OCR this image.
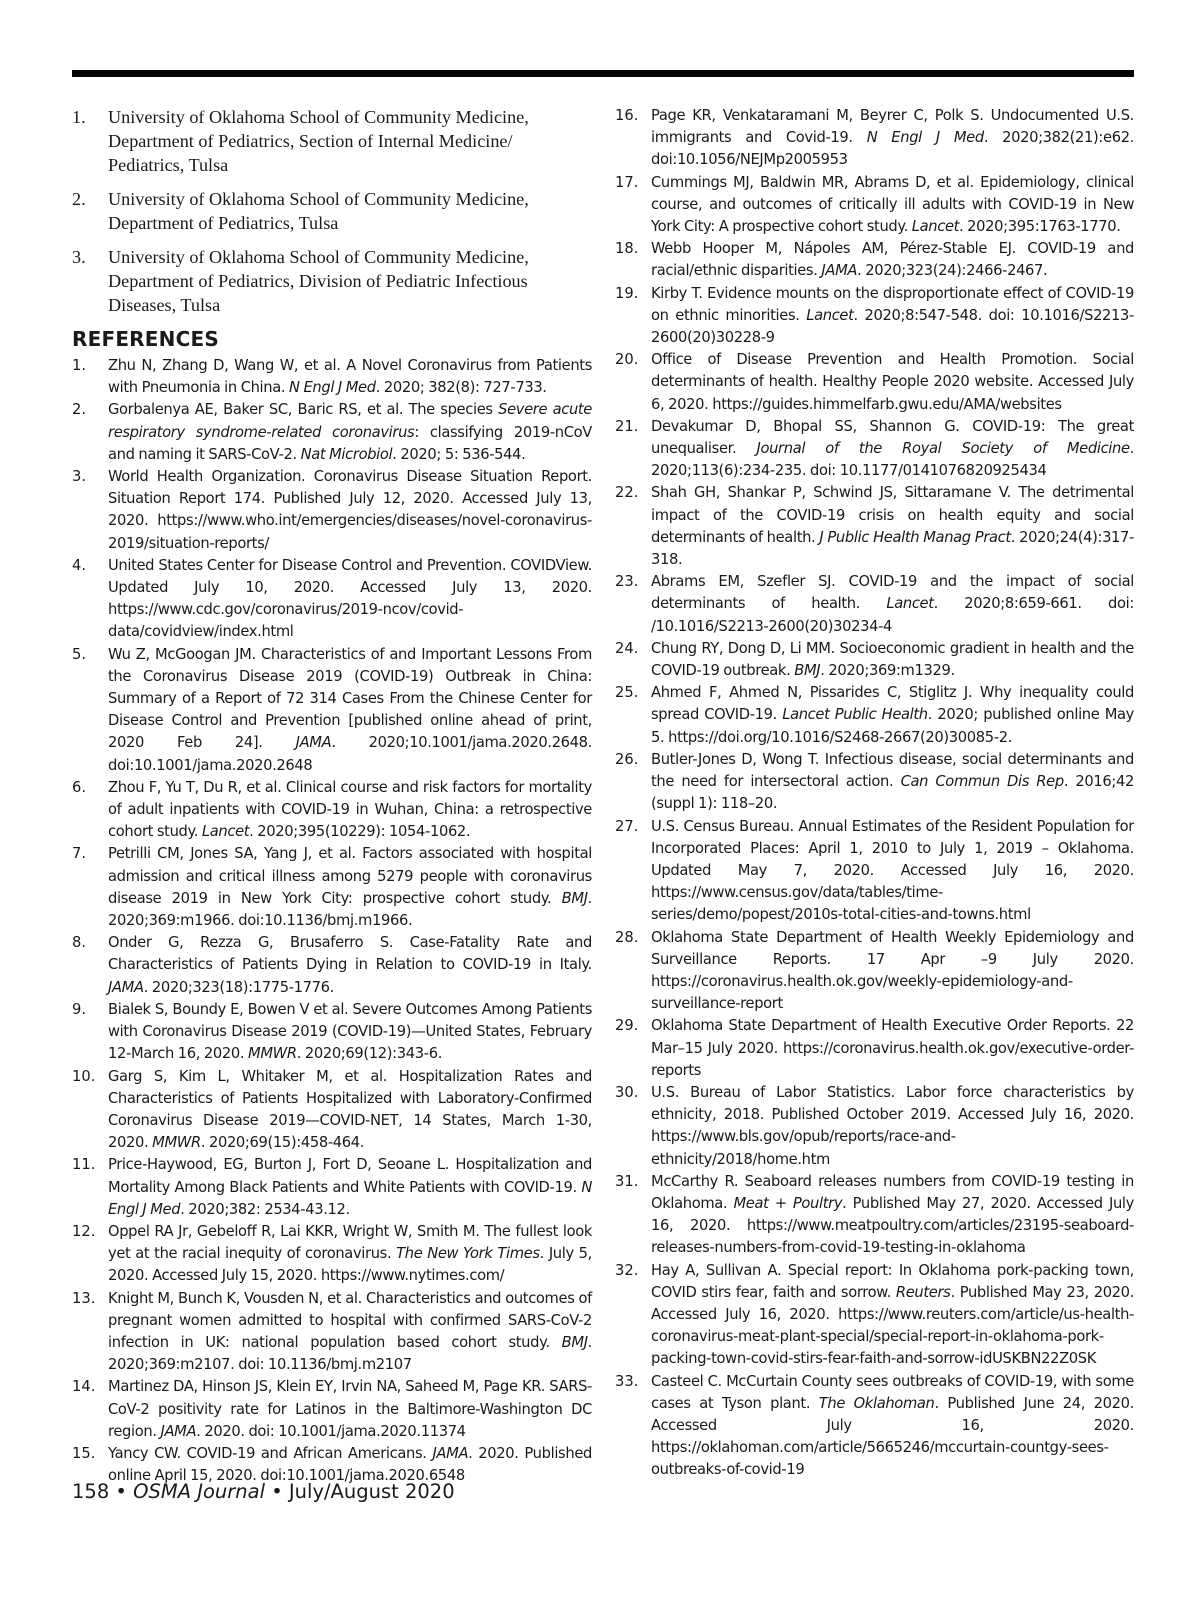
1.	University of Oklahoma School of Community Medicine, Department of Pediatrics, Section of Internal Medicine/ Pediatrics, Tulsa
2.	University of Oklahoma School of Community Medicine, Department of Pediatrics, Tulsa
3.	University of Oklahoma School of Community Medicine, Department of Pediatrics, Division of Pediatric Infectious Diseases, Tulsa
REFERENCES
1.	Zhu N, Zhang D, Wang W, et al. A Novel Coronavirus from Patients with Pneumonia in China. N Engl J Med. 2020; 382(8): 727-733.
2.	Gorbalenya AE, Baker SC, Baric RS, et al. The species Severe acute respiratory syndrome-related coronavirus: classifying 2019-nCoV and naming it SARS-CoV-2. Nat Microbiol. 2020; 5: 536-544.
3.	World Health Organization. Coronavirus Disease Situation Report. Situation Report 174. Published July 12, 2020. Accessed July 13, 2020. https://www.who.int/emergencies/diseases/novel-coronavirus-2019/situation-reports/
4.	United States Center for Disease Control and Prevention. COVIDView. Updated July 10, 2020. Accessed July 13, 2020. https://www.cdc.gov/coronavirus/2019-ncov/covid-data/covidview/index.html
5.	Wu Z, McGoogan JM. Characteristics of and Important Lessons From the Coronavirus Disease 2019 (COVID-19) Outbreak in China: Summary of a Report of 72 314 Cases From the Chinese Center for Disease Control and Prevention [published online ahead of print, 2020 Feb 24]. JAMA. 2020;10.1001/jama.2020.2648. doi:10.1001/jama.2020.2648
6.	Zhou F, Yu T, Du R, et al. Clinical course and risk factors for mortality of adult inpatients with COVID-19 in Wuhan, China: a retrospective cohort study. Lancet. 2020;395(10229): 1054-1062.
7.	Petrilli CM, Jones SA, Yang J, et al. Factors associated with hospital admission and critical illness among 5279 people with coronavirus disease 2019 in New York City: prospective cohort study. BMJ. 2020;369:m1966. doi:10.1136/bmj.m1966.
8.	Onder G, Rezza G, Brusaferro S. Case-Fatality Rate and Characteristics of Patients Dying in Relation to COVID-19 in Italy. JAMA. 2020;323(18):1775-1776.
9.	Bialek S, Boundy E, Bowen V et al. Severe Outcomes Among Patients with Coronavirus Disease 2019 (COVID-19)—United States, February 12-March 16, 2020. MMWR. 2020;69(12):343-6.
10. Garg S, Kim L, Whitaker M, et al. Hospitalization Rates and Characteristics of Patients Hospitalized with Laboratory-Confirmed Coronavirus Disease 2019—COVID-NET, 14 States, March 1-30, 2020. MMWR. 2020;69(15):458-464.
11. Price-Haywood, EG, Burton J, Fort D, Seoane L. Hospitalization and Mortality Among Black Patients and White Patients with COVID-19. N Engl J Med. 2020;382: 2534-43.12.
12. Oppel RA Jr, Gebeloff R, Lai KKR, Wright W, Smith M. The fullest look yet at the racial inequity of coronavirus. The New York Times. July 5, 2020. Accessed July 15, 2020. https://www.nytimes.com/
13. Knight M, Bunch K, Vousden N, et al. Characteristics and outcomes of pregnant women admitted to hospital with confirmed SARS-CoV-2 infection in UK: national population based cohort study. BMJ. 2020;369:m2107. doi: 10.1136/bmj.m2107
14. Martinez DA, Hinson JS, Klein EY, Irvin NA, Saheed M, Page KR. SARS-CoV-2 positivity rate for Latinos in the Baltimore-Washington DC region. JAMA. 2020. doi: 10.1001/jama.2020.11374
15. Yancy CW. COVID-19 and African Americans. JAMA. 2020. Published online April 15, 2020. doi:10.1001/jama.2020.6548
16. Page KR, Venkataramani M, Beyrer C, Polk S. Undocumented U.S. immigrants and Covid-19. N Engl J Med. 2020;382(21):e62. doi:10.1056/NEJMp2005953
17. Cummings MJ, Baldwin MR, Abrams D, et al. Epidemiology, clinical course, and outcomes of critically ill adults with COVID-19 in New York City: A prospective cohort study. Lancet. 2020;395:1763-1770.
18. Webb Hooper M, Nápoles AM, Pérez-Stable EJ. COVID-19 and racial/ethnic disparities. JAMA. 2020;323(24):2466-2467.
19. Kirby T. Evidence mounts on the disproportionate effect of COVID-19 on ethnic minorities. Lancet. 2020;8:547-548. doi: 10.1016/S2213-2600(20)30228-9
20. Office of Disease Prevention and Health Promotion. Social determinants of health. Healthy People 2020 website. Accessed July 6, 2020. https://guides.himmelfarb.gwu.edu/AMA/websites
21. Devakumar D, Bhopal SS, Shannon G. COVID-19: The great unequaliser. Journal of the Royal Society of Medicine. 2020;113(6):234-235. doi: 10.1177/0141076820925434
22. Shah GH, Shankar P, Schwind JS, Sittaramane V. The detrimental impact of the COVID-19 crisis on health equity and social determinants of health. J Public Health Manag Pract. 2020;24(4):317-318.
23. Abrams EM, Szefler SJ. COVID-19 and the impact of social determinants of health. Lancet. 2020;8:659-661. doi: /10.1016/S2213-2600(20)30234-4
24. Chung RY, Dong D, Li MM. Socioeconomic gradient in health and the COVID-19 outbreak. BMJ. 2020;369:m1329.
25. Ahmed F, Ahmed N, Pissarides C, Stiglitz J. Why inequality could spread COVID-19. Lancet Public Health. 2020; published online May 5. https://doi.org/10.1016/S2468-2667(20)30085-2.
26. Butler-Jones D, Wong T. Infectious disease, social determinants and the need for intersectoral action. Can Commun Dis Rep. 2016;42 (suppl 1): 118–20.
27. U.S. Census Bureau. Annual Estimates of the Resident Population for Incorporated Places: April 1, 2010 to July 1, 2019 – Oklahoma. Updated May 7, 2020. Accessed July 16, 2020. https://www.census.gov/data/tables/time-series/demo/popest/2010s-total-cities-and-towns.html
28. Oklahoma State Department of Health Weekly Epidemiology and Surveillance Reports. 17 Apr –9 July 2020. https://coronavirus.health.ok.gov/weekly-epidemiology-and-surveillance-report
29. Oklahoma State Department of Health Executive Order Reports. 22 Mar–15 July 2020. https://coronavirus.health.ok.gov/executive-order-reports
30. U.S. Bureau of Labor Statistics. Labor force characteristics by ethnicity, 2018. Published October 2019. Accessed July 16, 2020. https://www.bls.gov/opub/reports/race-and-ethnicity/2018/home.htm
31. McCarthy R. Seaboard releases numbers from COVID-19 testing in Oklahoma. Meat + Poultry. Published May 27, 2020. Accessed July 16, 2020. https://www.meatpoultry.com/articles/23195-seaboard-releases-numbers-from-covid-19-testing-in-oklahoma
32. Hay A, Sullivan A. Special report: In Oklahoma pork-packing town, COVID stirs fear, faith and sorrow. Reuters. Published May 23, 2020. Accessed July 16, 2020. https://www.reuters.com/article/us-health-coronavirus-meat-plant-special/special-report-in-oklahoma-pork-packing-town-covid-stirs-fear-faith-and-sorrow-idUSKBN22Z0SK
33. Casteel C. McCurtain County sees outbreaks of COVID-19, with some cases at Tyson plant. The Oklahoman. Published June 24, 2020. Accessed July 16, 2020. https://oklahoman.com/article/5665246/mccurtain-countgy-sees-outbreaks-of-covid-19
158 • OSMA Journal • July/August 2020
